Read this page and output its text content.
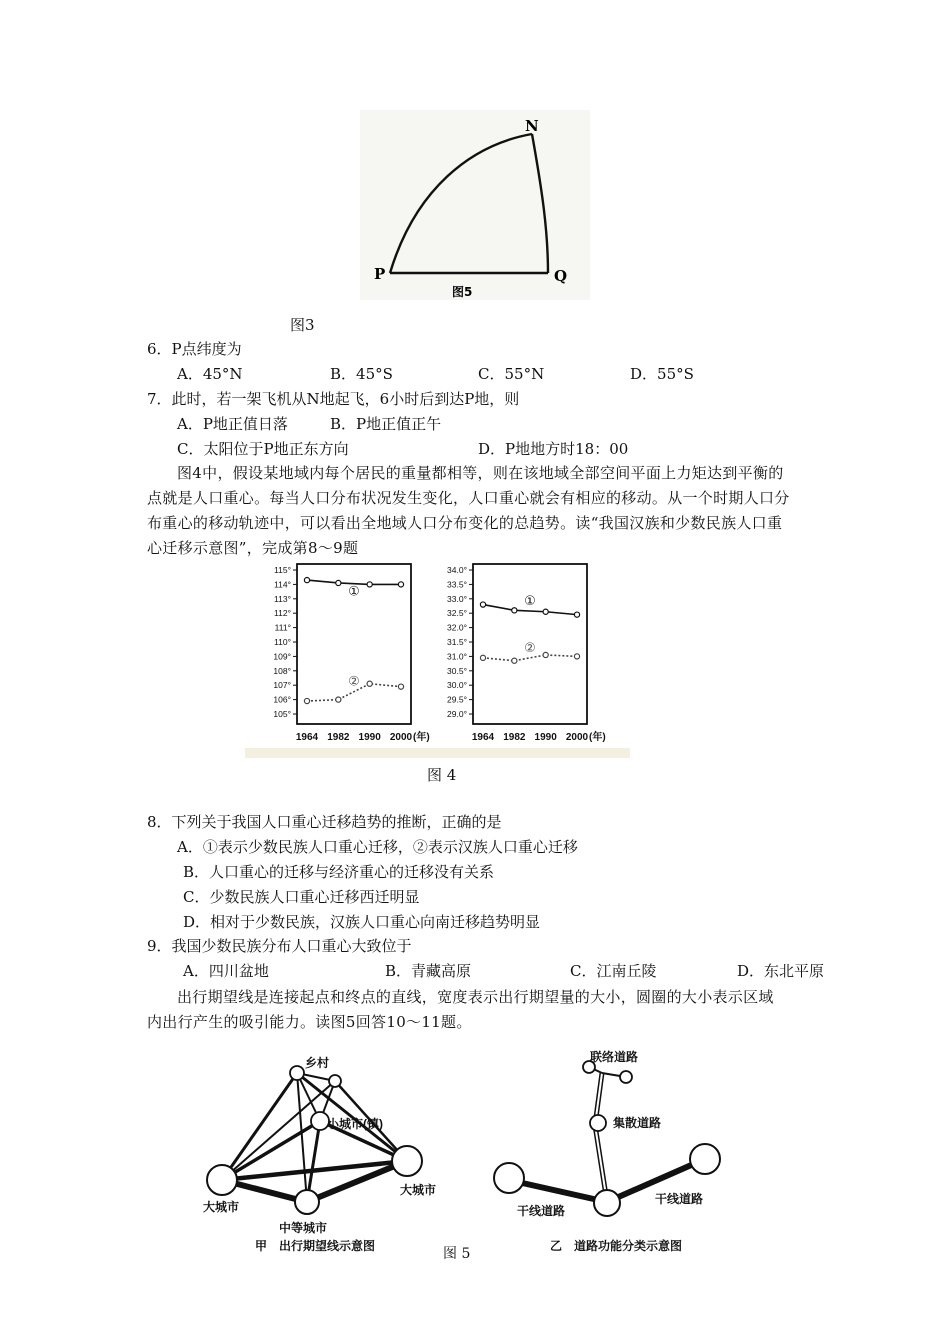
N
P	Q
图5
图3
6．P点纬度为
A．45°N	B．45°S	C．55°N	D．55°S
7．此时，若一架飞机从N地起飞，6小时后到达P地，则
A．P地正值日落	B．P地正值正午
C．太阳位于P地正东方向	D．P地地方时18：00
图4中，假设某地域内每个居民的重量都相等，则在该地域全部空间平面上力矩达到平衡的
点就是人口重心。每当人口分布状况发生变化，人口重心就会有相应的移动。从一个时期人口分
布重心的移动轨迹中，可以看出全地域人口分布变化的总趋势。读“我国汉族和少数民族人口重
心迁移示意图”，完成第8～9题
115°
114°
113°
112°
111°
110°
109°
108°
107°
106°
105°
1964 1982 1990 2000 (年)
①
②
34.0°
33.5°
33.0°
32.5°
32.0°
31.5°
31.0°
30.5°
30.0°
29.5°
29.0°
1964 1982 1990 2000 (年)
①
②
图 4
8．下列关于我国人口重心迁移趋势的推断，正确的是
A．①表示少数民族人口重心迁移，②表示汉族人口重心迁移
B．人口重心的迁移与经济重心的迁移没有关系
C．少数民族人口重心迁移西迁明显
D．相对于少数民族，汉族人口重心向南迁移趋势明显
9．我国少数民族分布人口重心大致位于
A．四川盆地	B．青藏高原	C．江南丘陵	D．东北平原
出行期望线是连接起点和终点的直线，宽度表示出行期望量的大小，圆圈的大小表示区域
内出行产生的吸引能力。读图5回答10～11题。
乡村
小城市(镇)
大城市
大城市
中等城市
甲　出行期望线示意图
联络道路
集散道路
干线道路
干线道路
乙　道路功能分类示意图
图 5
